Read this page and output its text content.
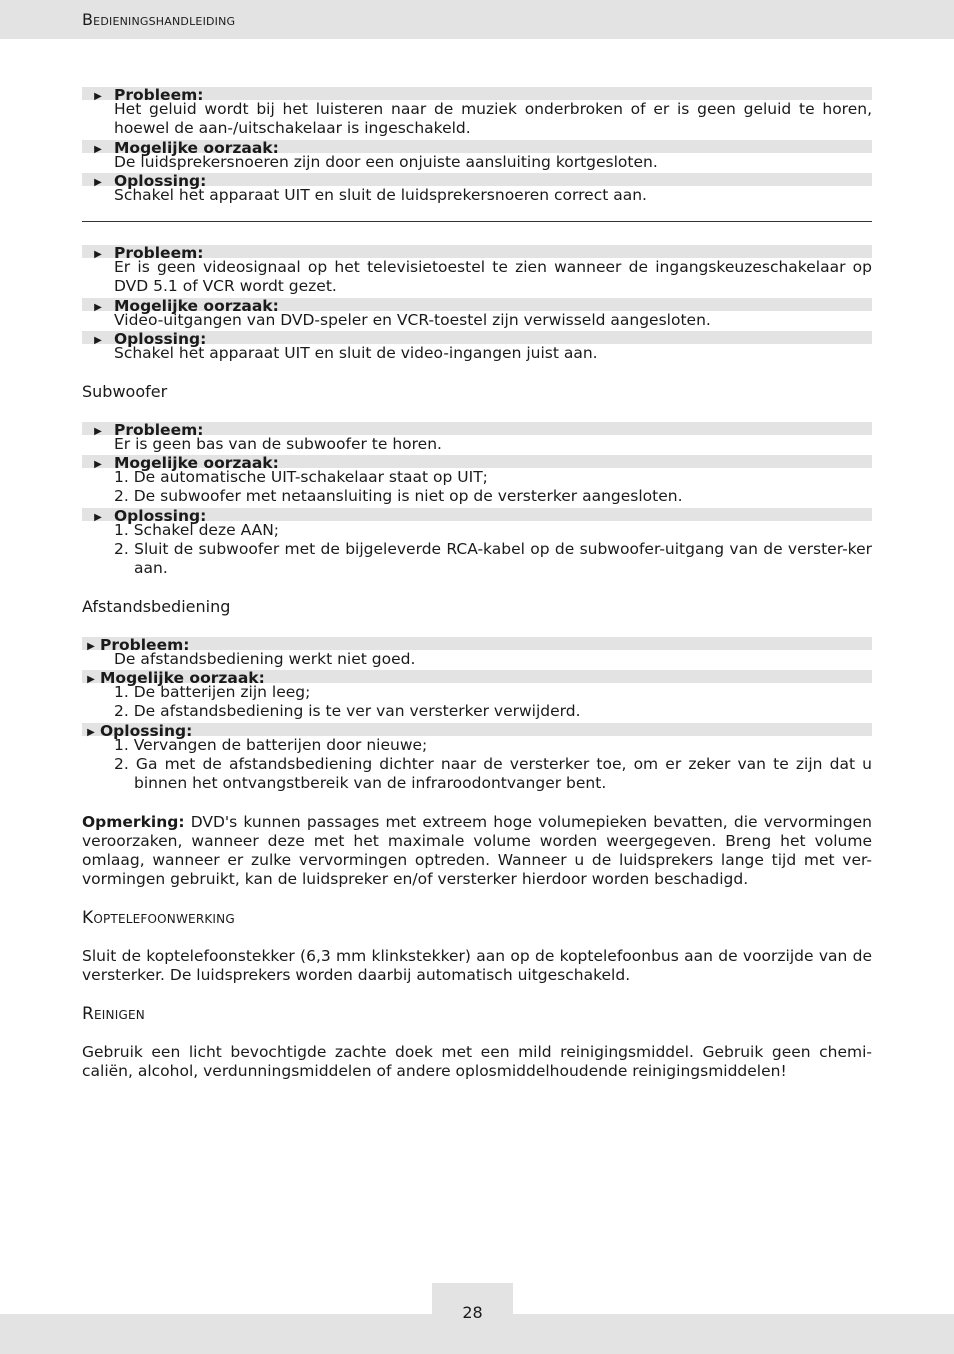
Bedieningshandleiding
▶ Probleem:
Het geluid wordt bij het luisteren naar de muziek onderbroken of er is geen geluid te horen, hoewel de aan-/uitschakelaar is ingeschakeld.
▶ Mogelijke oorzaak:
De luidsprekersnoeren zijn door een onjuiste aansluiting kortgesloten.
▶ Oplossing:
Schakel het apparaat UIT en sluit de luidsprekersnoeren correct aan.
▶ Probleem:
Er is geen videosignaal op het televisietoestel te zien wanneer de ingangskeuzeschakelaar op DVD 5.1 of VCR wordt gezet.
▶ Mogelijke oorzaak:
Video-uitgangen van DVD-speler en VCR-toestel zijn verwisseld aangesloten.
▶ Oplossing:
Schakel het apparaat UIT en sluit de video-ingangen juist aan.
Subwoofer
▶ Probleem:
Er is geen bas van de subwoofer te horen.
▶ Mogelijke oorzaak:
1. De automatische UIT-schakelaar staat op UIT;
2. De subwoofer met netaansluiting is niet op de versterker aangesloten.
▶ Oplossing:
1. Schakel deze AAN;
2. Sluit de subwoofer met de bijgeleverde RCA-kabel op de subwoofer-uitgang van de verster-ker aan.
Afstandsbediening
▶ Probleem:
De afstandsbediening werkt niet goed.
▶ Mogelijke oorzaak:
1. De batterijen zijn leeg;
2. De afstandsbediening is te ver van versterker verwijderd.
▶ Oplossing:
1. Vervangen de batterijen door nieuwe;
2. Ga met de afstandsbediening dichter naar de versterker toe, om er zeker van te zijn dat u binnen het ontvangstbereik van de infraroodontvanger bent.
Opmerking: DVD's kunnen passages met extreem hoge volumepieken bevatten, die vervormingen veroorzaken, wanneer deze met het maximale volume worden weergegeven. Breng het volume omlaag, wanneer er zulke vervormingen optreden. Wanneer u de luidsprekers lange tijd met ver-vormingen gebruikt, kan de luidspreker en/of versterker hierdoor worden beschadigd.
Koptelefoonwerking
Sluit de koptelefoonstekker (6,3 mm klinkstekker) aan op de koptelefoonbus aan de voorzijde van de versterker. De luidsprekers worden daarbij automatisch uitgeschakeld.
Reinigen
Gebruik een licht bevochtigde zachte doek met een mild reinigingsmiddel. Gebruik geen chemi-caliën, alcohol, verdunningsmiddelen of andere oplosmiddelhoudende reinigingsmiddelen!
28
